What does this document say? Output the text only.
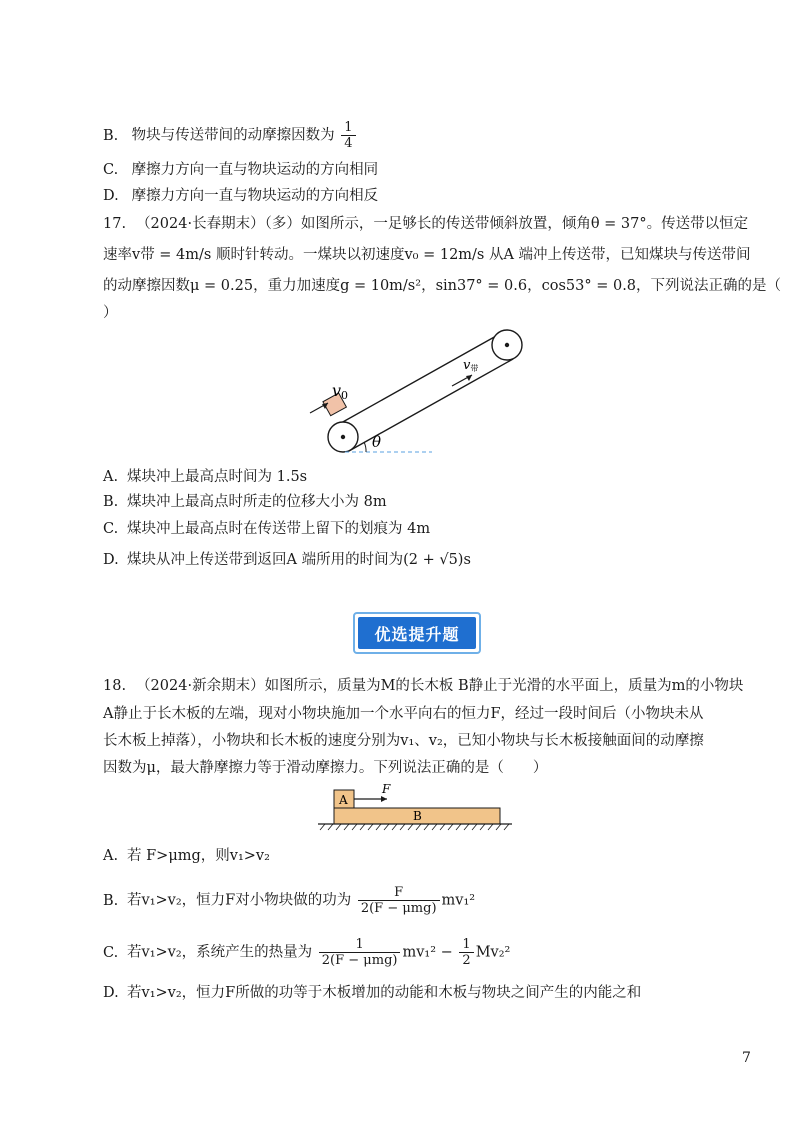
B. 物块与传送带间的动摩擦因数为 $\frac{1}{4}$
C. 摩擦力方向一直与物块运动的方向相同
D. 摩擦力方向一直与物块运动的方向相反
17. （2024·长春期末）（多）如图所示，一足够长的传送带倾斜放置，倾角θ = 37°。传送带以恒定
速率v带 = 4m/s 顺时针转动。一煤块以初速度v₀ = 12m/s 从A 端冲上传送带，已知煤块与传送带间
的动摩擦因数μ = 0.25，重力加速度g = 10m/s²，sin37° = 0.6，cos53° = 0.8，下列说法正确的是（
）
θ
v0
v带
A. 煤块冲上最高点时间为 1.5s
B. 煤块冲上最高点时所走的位移大小为 8m
C. 煤块冲上最高点时在传送带上留下的划痕为 4m
D. 煤块从冲上传送带到返回A 端所用的时间为(2 + √5)s
优选提升题
18. （2024·新余期末）如图所示，质量为M的长木板 B静止于光滑的水平面上，质量为m的小物块
A静止于长木板的左端，现对小物块施加一个水平向右的恒力F，经过一段时间后（小物块未从
长木板上掉落），小物块和长木板的速度分别为v₁、v₂，已知小物块与长木板接触面间的动摩擦
因数为μ，最大静摩擦力等于滑动摩擦力。下列说法正确的是（　　）
A
F
B
A. 若 F>μmg，则v₁>v₂
B. 若v₁>v₂，恒力F对小物块做的功为 $\frac{F}{\text{2(F − μmg)}} mv_1^2$
C. 若v₁>v₂，系统产生的热量为 $\frac{1}{\text{2(F − μmg)}} mv_1^2 - \frac{1}{2} Mv_2^2$
D. 若v₁>v₂，恒力F所做的功等于木板增加的动能和木板与物块之间产生的内能之和
7
